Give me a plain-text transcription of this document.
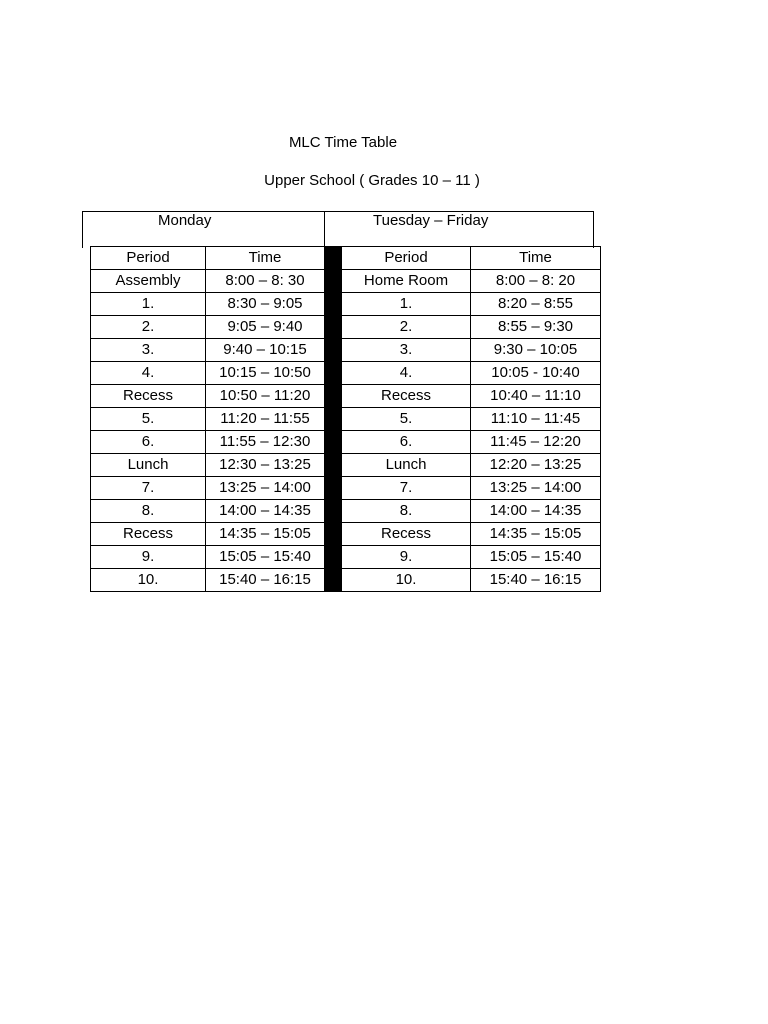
MLC Time Table
Upper School ( Grades 10 – 11 )
Monday	Tuesday – Friday
Period	Time		Period	Time
Assembly	8:00 – 8: 30		Home Room	8:00 – 8: 20
1.	8:30 – 9:05		1.	8:20 – 8:55
2.	9:05 – 9:40		2.	8:55 – 9:30
3.	9:40 – 10:15		3.	9:30 – 10:05
4.	10:15 – 10:50		4.	10:05 - 10:40
Recess	10:50 – 11:20		Recess	10:40 – 11:10
5.	11:20 – 11:55		5.	11:10 – 11:45
6.	11:55 – 12:30		6.	11:45 – 12:20
Lunch	12:30 – 13:25		Lunch	12:20 – 13:25
7.	13:25 – 14:00		7.	13:25 – 14:00
8.	14:00 – 14:35		8.	14:00 – 14:35
Recess	14:35 – 15:05		Recess	14:35 – 15:05
9.	15:05 – 15:40		9.	15:05 – 15:40
10.	15:40 – 16:15		10.	15:40 – 16:15
